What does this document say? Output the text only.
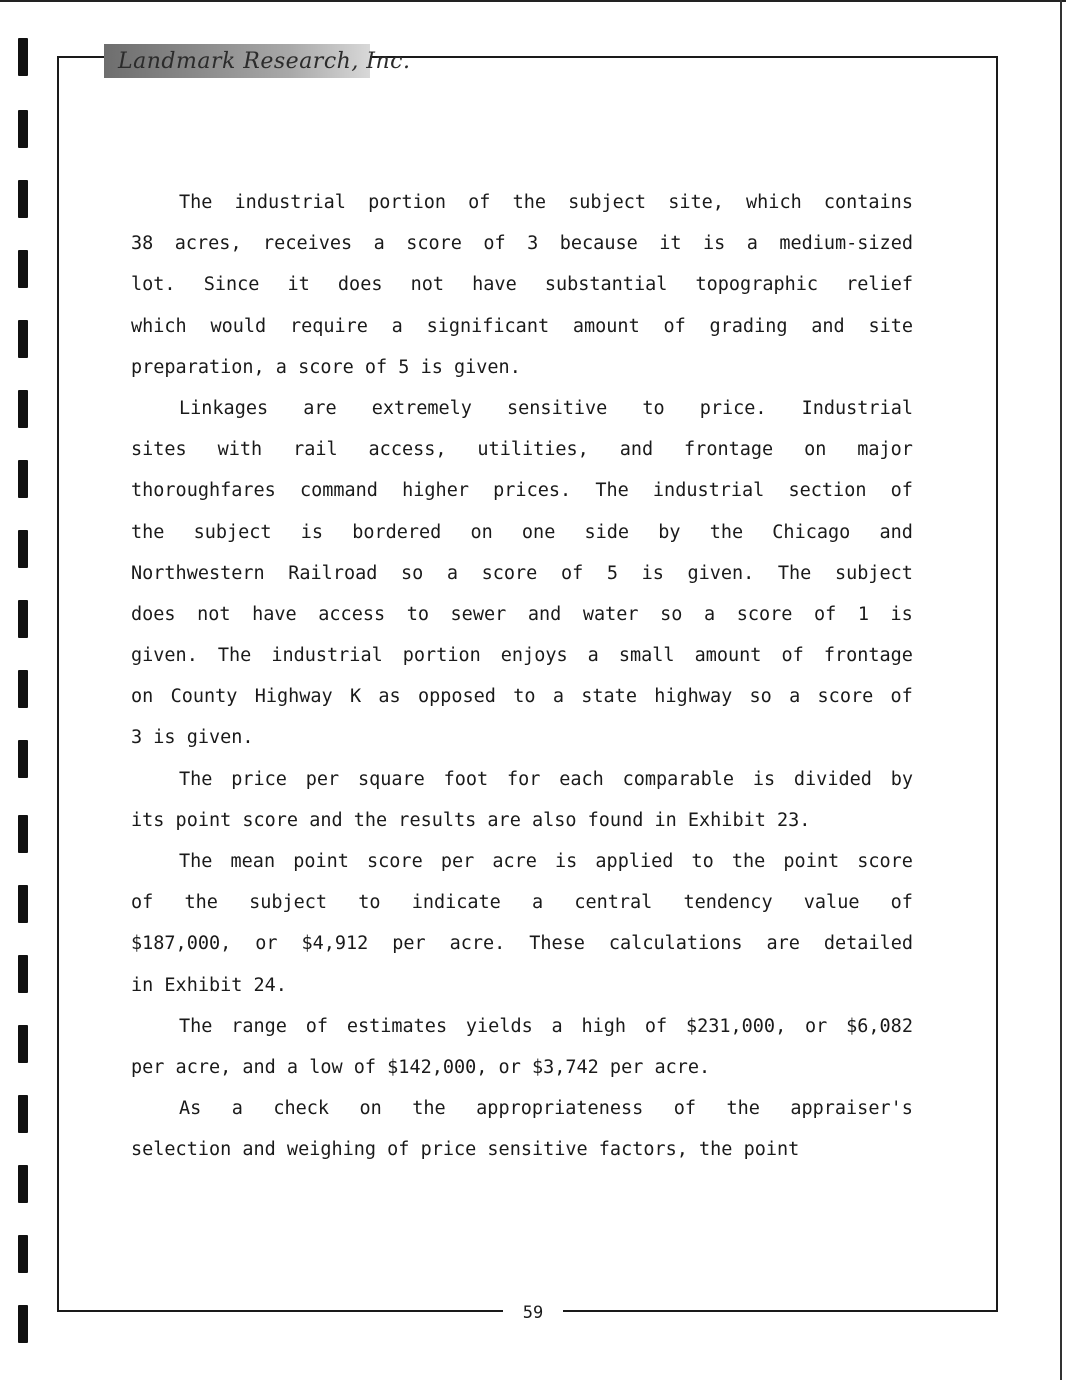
Landmark Research, Inc.
59
The industrial portion of the subject site, which contains
38 acres, receives a score of 3 because it is a medium-sized
lot. Since it does not have substantial topographic relief
which would require a significant amount of grading and site
preparation, a score of 5 is given.
Linkages are extremely sensitive to price. Industrial
sites with rail access, utilities, and frontage on major
thoroughfares command higher prices. The industrial section of
the subject is bordered on one side by the Chicago and
Northwestern Railroad so a score of 5 is given. The subject
does not have access to sewer and water so a score of 1 is
given. The industrial portion enjoys a small amount of frontage
on County Highway K as opposed to a state highway so a score of
3 is given.
The price per square foot for each comparable is divided by
its point score and the results are also found in Exhibit 23.
The mean point score per acre is applied to the point score
of the subject to indicate a central tendency value of
$187,000, or $4,912 per acre. These calculations are detailed
in Exhibit 24.
The range of estimates yields a high of $231,000, or $6,082
per acre, and a low of $142,000, or $3,742 per acre.
As a check on the appropriateness of the appraiser's
selection and weighing of price sensitive factors, the point
